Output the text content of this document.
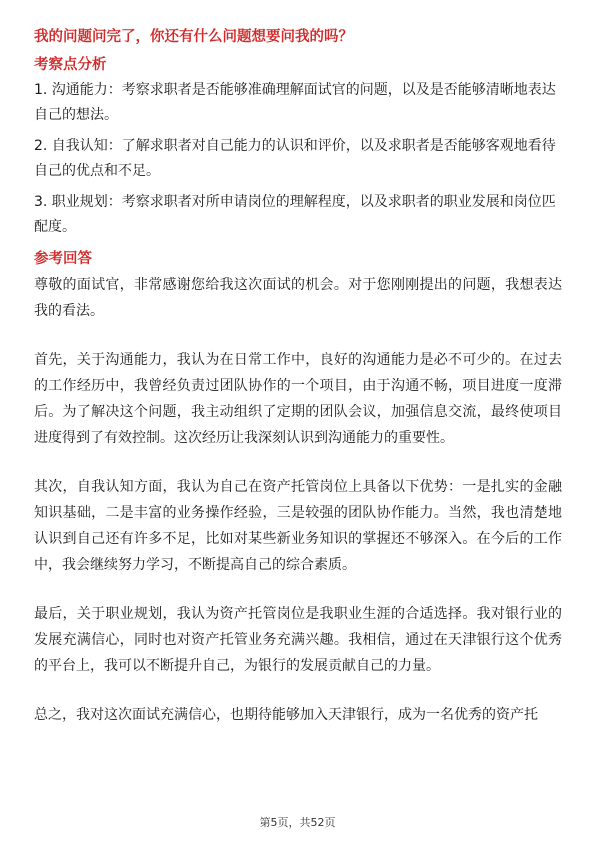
我的问题问完了，你还有什么问题想要问我的吗？
考察点分析
1. 沟通能力：考察求职者是否能够准确理解面试官的问题，以及是否能够清晰地表达自己的想法。
2. 自我认知：了解求职者对自己能力的认识和评价，以及求职者是否能够客观地看待自己的优点和不足。
3. 职业规划：考察求职者对所申请岗位的理解程度，以及求职者的职业发展和岗位匹配度。
参考回答

尊敬的面试官，非常感谢您给我这次面试的机会。对于您刚刚提出的问题，我想表达我的看法。

首先，关于沟通能力，我认为在日常工作中，良好的沟通能力是必不可少的。在过去的工作经历中，我曾经负责过团队协作的一个项目，由于沟通不畅，项目进度一度滞后。为了解决这个问题，我主动组织了定期的团队会议，加强信息交流，最终使项目进度得到了有效控制。这次经历让我深刻认识到沟通能力的重要性。

其次，自我认知方面，我认为自己在资产托管岗位上具备以下优势：一是扎实的金融知识基础，二是丰富的业务操作经验，三是较强的团队协作能力。当然，我也清楚地认识到自己还有许多不足，比如对某些新业务知识的掌握还不够深入。在今后的工作中，我会继续努力学习，不断提高自己的综合素质。

最后，关于职业规划，我认为资产托管岗位是我职业生涯的合适选择。我对银行业的发展充满信心，同时也对资产托管业务充满兴趣。我相信，通过在天津银行这个优秀的平台上，我可以不断提升自己，为银行的发展贡献自己的力量。

总之，我对这次面试充满信心，也期待能够加入天津银行，成为一名优秀的资产托

第5页，共52页
